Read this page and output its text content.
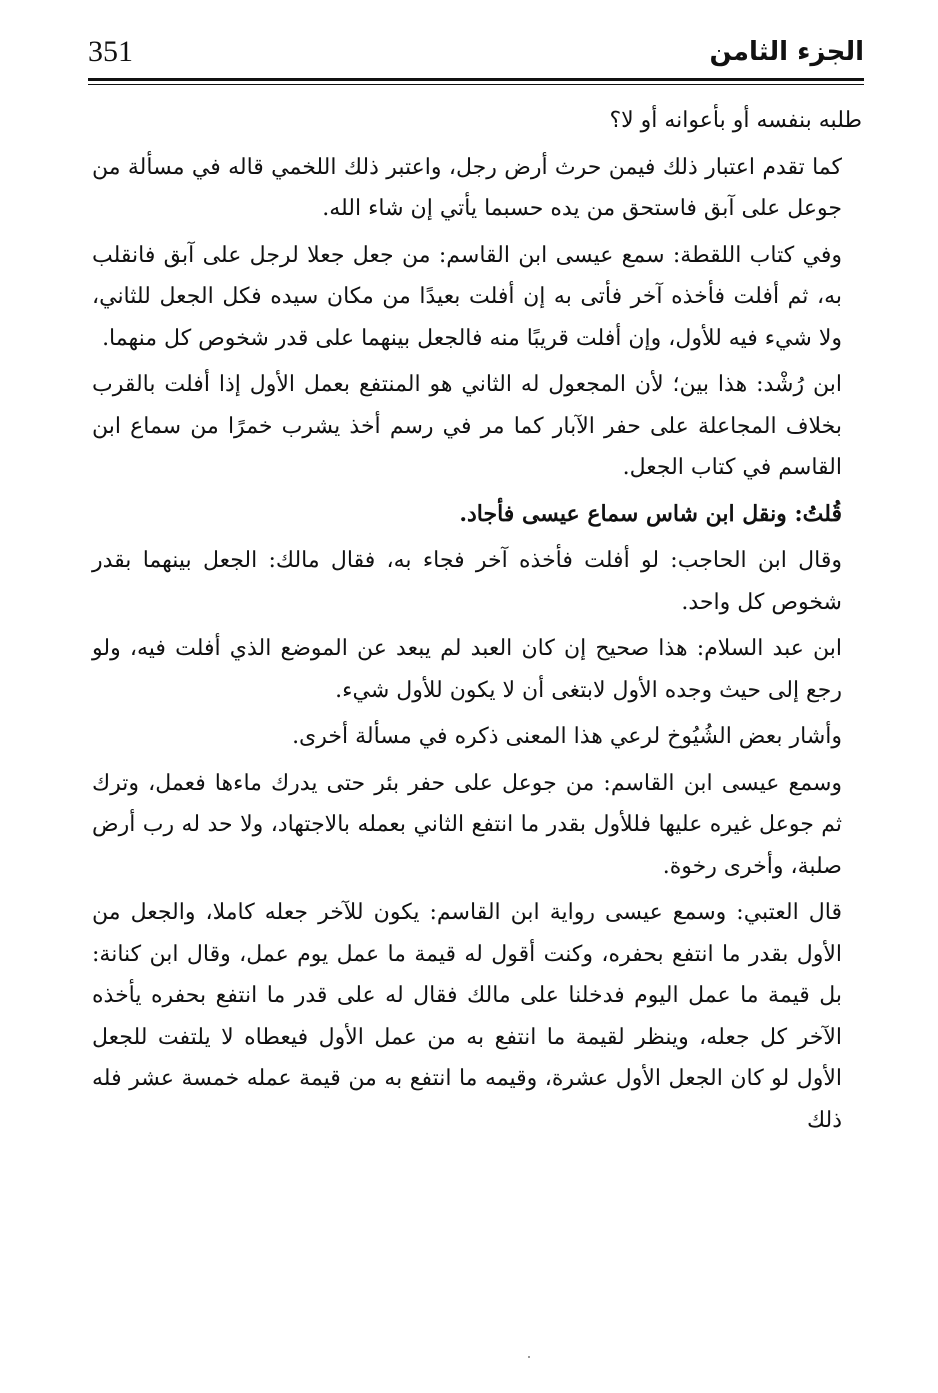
351	الجزء الثامن

طلبه بنفسه أو بأعوانه أو لا؟

كما تقدم اعتبار ذلك فيمن حرث أرض رجل، واعتبر ذلك اللخمي قاله في مسألة من جوعل على آبق فاستحق من يده حسبما يأتي إن شاء الله.

وفي كتاب اللقطة: سمع عيسى ابن القاسم: من جعل جعلا لرجل على آبق فانقلب به، ثم أفلت فأخذه آخر فأتى به إن أفلت بعيدًا من مكان سيده فكل الجعل للثاني، ولا شيء فيه للأول، وإن أفلت قريبًا منه فالجعل بينهما على قدر شخوص كل منهما.

ابن رُشْد: هذا بين؛ لأن المجعول له الثاني هو المنتفع بعمل الأول إذا أفلت بالقرب بخلاف المجاعلة على حفر الآبار كما مر في رسم أخذ يشرب خمرًا من سماع ابن القاسم في كتاب الجعل.

قُلتُ: ونقل ابن شاس سماع عيسى فأجاد.

وقال ابن الحاجب: لو أفلت فأخذه آخر فجاء به، فقال مالك: الجعل بينهما بقدر شخوص كل واحد.

ابن عبد السلام: هذا صحيح إن كان العبد لم يبعد عن الموضع الذي أفلت فيه، ولو رجع إلى حيث وجده الأول لابتغى أن لا يكون للأول شيء.

وأشار بعض الشُيُوخ لرعي هذا المعنى ذكره في مسألة أخرى.

وسمع عيسى ابن القاسم: من جوعل على حفر بئر حتى يدرك ماءها فعمل، وترك ثم جوعل غيره عليها فللأول بقدر ما انتفع الثاني بعمله بالاجتهاد، ولا حد له رب أرض صلبة، وأخرى رخوة.

قال العتبي: وسمع عيسى رواية ابن القاسم: يكون للآخر جعله كاملا، والجعل من الأول بقدر ما انتفع بحفره، وكنت أقول له قيمة ما عمل يوم عمل، وقال ابن كنانة: بل قيمة ما عمل اليوم فدخلنا على مالك فقال له على قدر ما انتفع بحفره يأخذه الآخر كل جعله، وينظر لقيمة ما انتفع به من عمل الأول فيعطاه لا يلتفت للجعل الأول لو كان الجعل الأول عشرة، وقيمه ما انتفع به من قيمة عمله خمسة عشر فله ذلك
